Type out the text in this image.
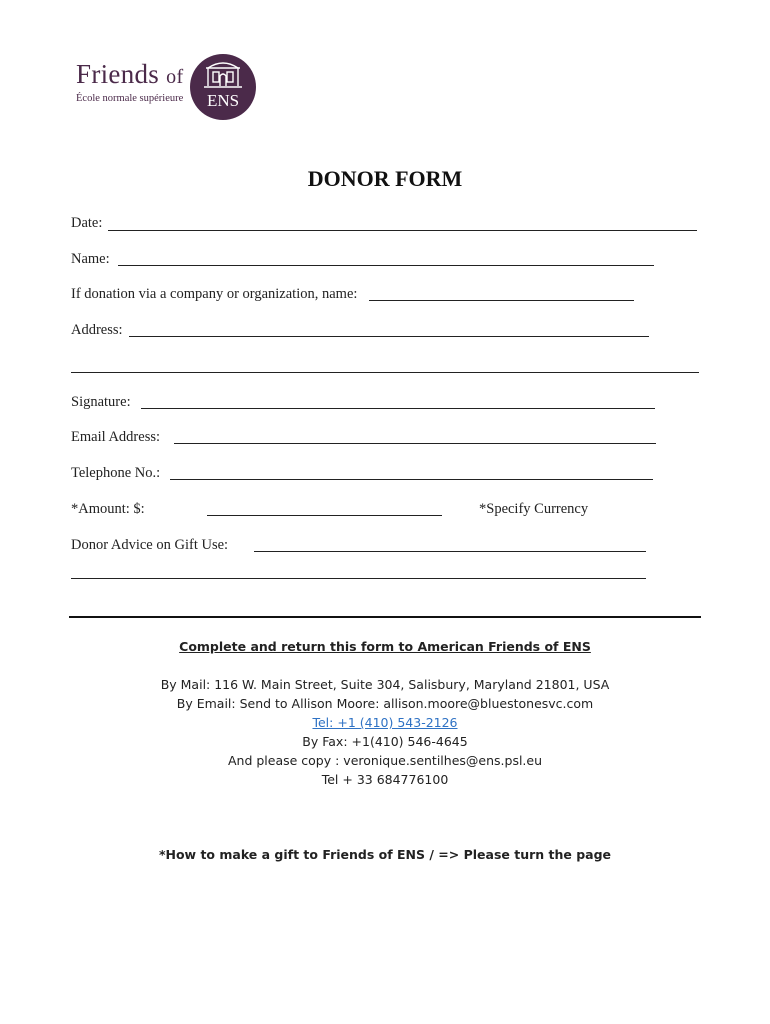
Friends of
École normale supérieure ENS
DONOR FORM
Date:
Name:
If donation via a company or organization, name:
Address:
Signature:
Email Address:
Telephone No.:
*Amount: $:	*Specify Currency
Donor Advice on Gift Use:
Complete and return this form to American Friends of ENS
By Mail: 116 W. Main Street, Suite 304, Salisbury, Maryland 21801, USA
By Email: Send to Allison Moore: allison.moore@bluestonesvc.com
Tel: +1 (410) 543-2126
By Fax: +1(410) 546-4645
And please copy : veronique.sentilhes@ens.psl.eu
Tel + 33 684776100
*How to make a gift to Friends of ENS / => Please turn the page
